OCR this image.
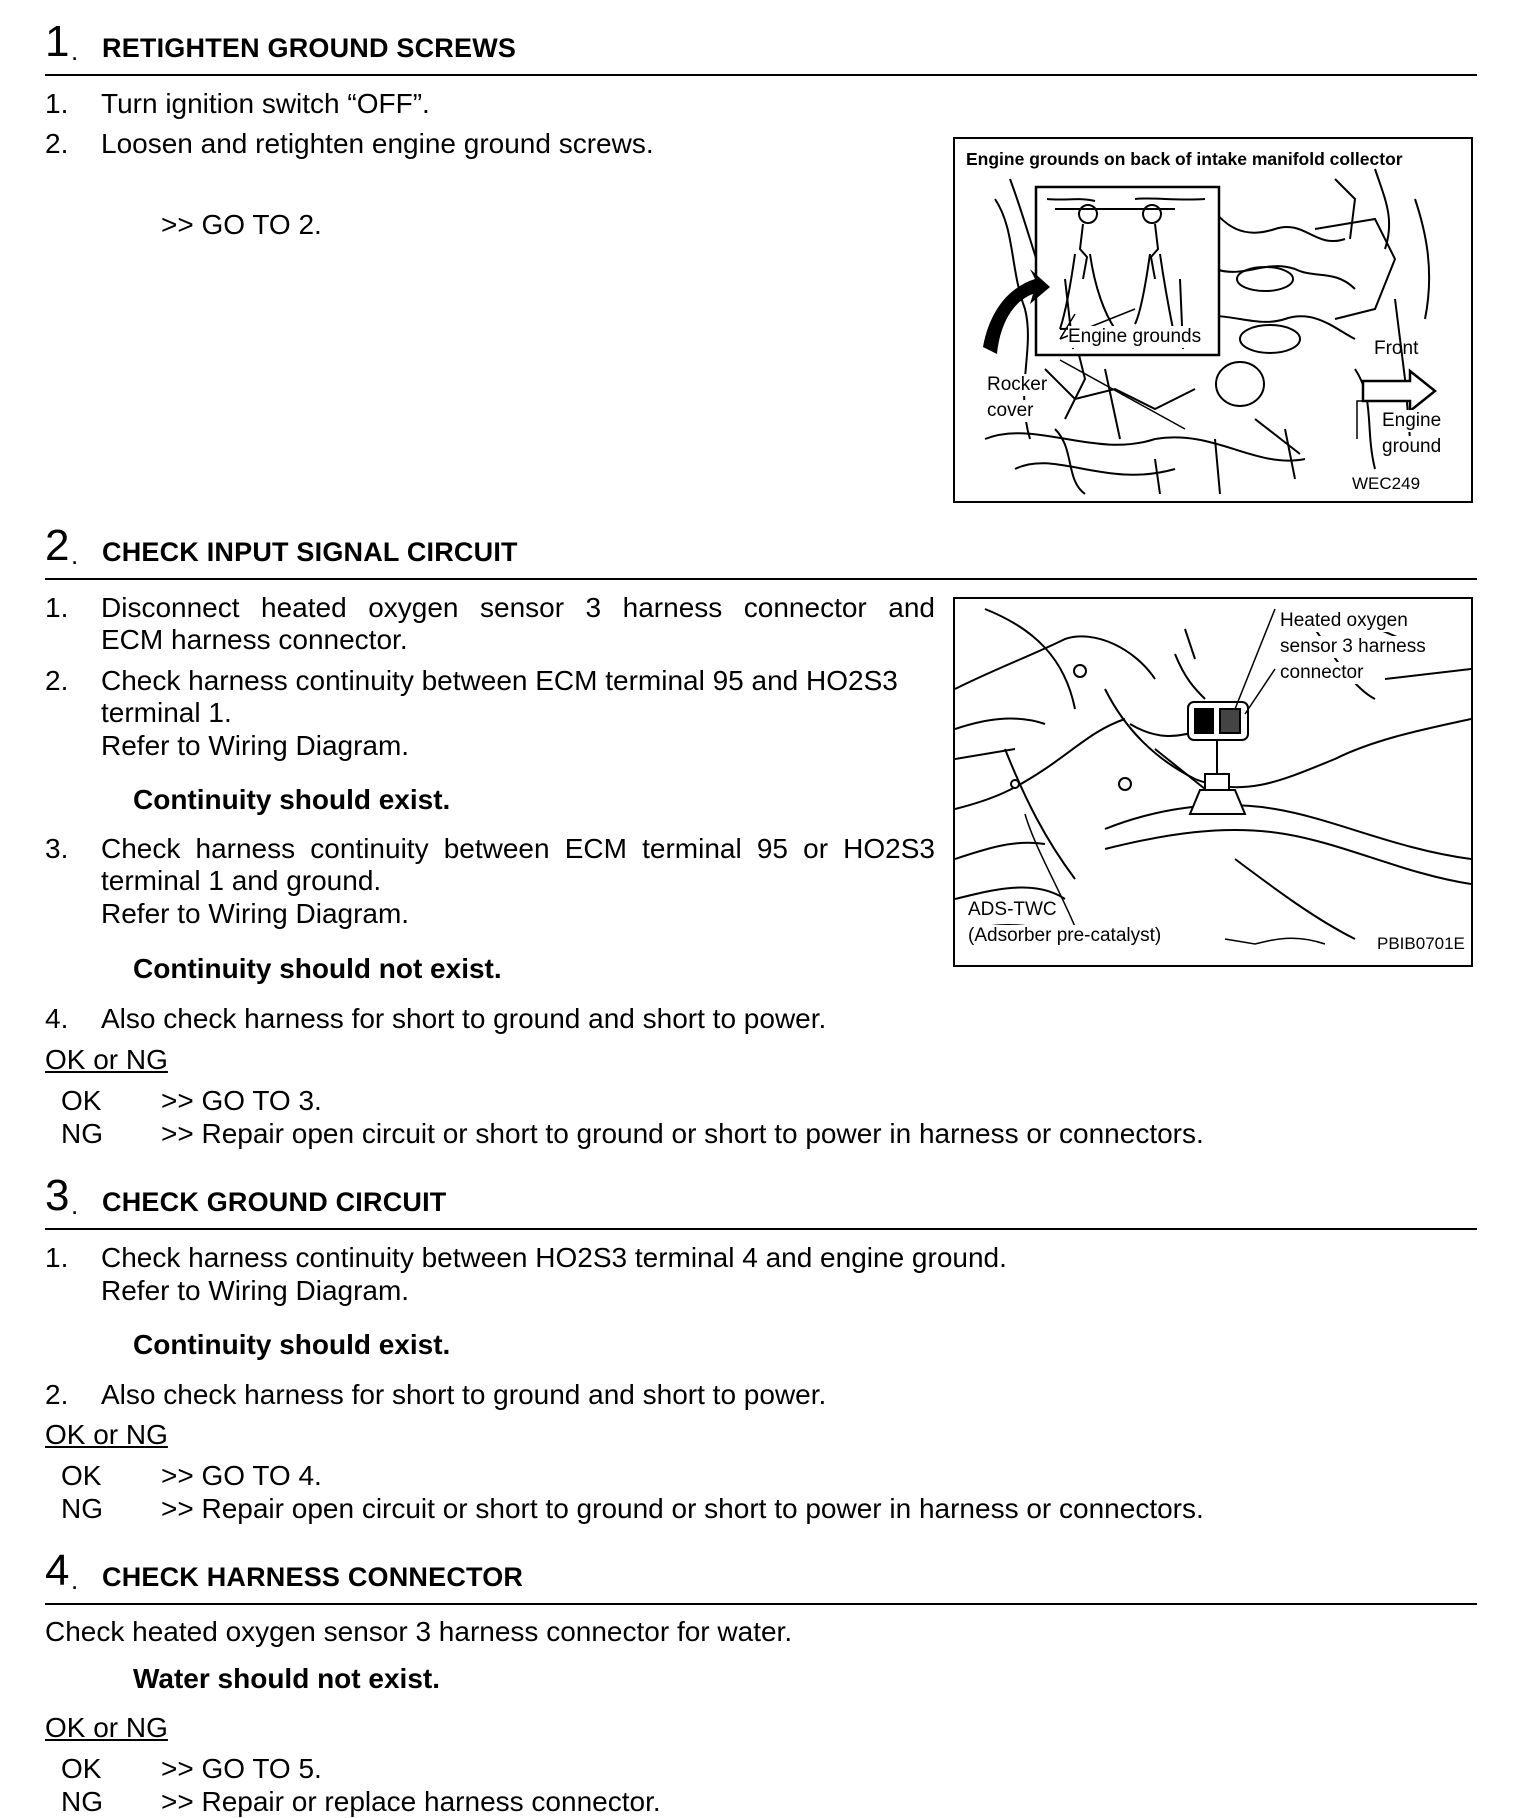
1 . RETIGHTEN GROUND SCREWS
1. Turn ignition switch “OFF”.
2. Loosen and retighten engine ground screws.
>> GO TO 2.
Engine grounds on back of intake manifold collector
Engine grounds
Front
Rocker
cover	Engine
ground
WEC249
2 . CHECK INPUT SIGNAL CIRCUIT
1. Disconnect heated oxygen sensor 3 harness connector and
ECM harness connector.
2. Check harness continuity between ECM terminal 95 and HO2S3
terminal 1.
Refer to Wiring Diagram.
Continuity should exist.
3. Check harness continuity between ECM terminal 95 or HO2S3
terminal 1 and ground.
Refer to Wiring Diagram.
Continuity should not exist.
4. Also check harness for short to ground and short to power.
OK or NG
OK >> GO TO 3.
NG >> Repair open circuit or short to ground or short to power in harness or connectors.
Heated oxygen
sensor 3 harness
connector
ADS-TWC
(Adsorber pre-catalyst)	PBIB0701E
3 . CHECK GROUND CIRCUIT
1. Check harness continuity between HO2S3 terminal 4 and engine ground.
Refer to Wiring Diagram.
Continuity should exist.
2. Also check harness for short to ground and short to power.
OK or NG
OK >> GO TO 4.
NG >> Repair open circuit or short to ground or short to power in harness or connectors.
4 . CHECK HARNESS CONNECTOR
Check heated oxygen sensor 3 harness connector for water.
Water should not exist.
OK or NG
OK >> GO TO 5.
NG >> Repair or replace harness connector.
